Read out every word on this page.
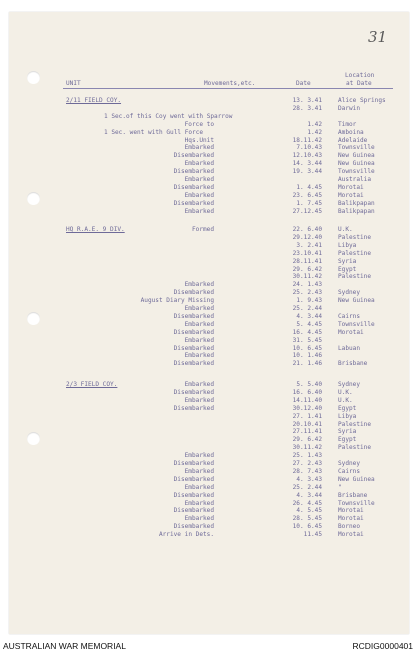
31
UNIT	Movements,etc.	Date
Location
at Date
2/11 FIELD COY.	13. 3.41	Alice Springs
28. 3.41	Darwin
1 Sec.of this Coy went with Sparrow
Force to	1.42	Timor
1 Sec. went with Gull Force	1.42	Amboina
Hqs.Unit	18.11.42	Adelaide
Embarked	7.10.43	Townsville
Disembarked	12.10.43	New Guinea
Embarked	14. 3.44	New Guinea
Disembarked	19. 3.44	Townsville
Embarked	Australia
Disembarked	1. 4.45	Morotai
Embarked	23. 6.45	Morotai
Disembarked	1. 7.45	Balikpapan
Embarked	27.12.45	Balikpapan
HQ R.A.E. 9 DIV.	Formed	22. 6.40	U.K.
29.12.40	Palestine
3. 2.41	Libya
23.10.41	Palestine
28.11.41	Syria
29. 6.42	Egypt
30.11.42	Palestine
Embarked	24. 1.43
Disembarked	25. 2.43	Sydney
August Diary Missing	1. 9.43	New Guinea
Embarked	25. 2.44
Disembarked	4. 3.44	Cairns
Embarked	5. 4.45	Townsville
Disembarked	16. 4.45	Morotai
Embarked	31. 5.45
Disembarked	10. 6.45	Labuan
Embarked	10. 1.46
Disembarked	21. 1.46	Brisbane
2/3 FIELD COY.	Embarked	5. 5.40	Sydney
Disembarked	16. 6.40	U.K.
Embarked	14.11.40	U.K.
Disembarked	30.12.40	Egypt
27. 1.41	Libya
20.10.41	Palestine
27.11.41	Syria
29. 6.42	Egypt
30.11.42	Palestine
Embarked	25. 1.43
Disembarked	27. 2.43	Sydney
Embarked	28. 7.43	Cairns
Disembarked	4. 3.43	New Guinea
Embarked	25. 2.44	"
Disembarked	4. 3.44	Brisbane
Embarked	26. 4.45	Townsville
Disembarked	4. 5.45	Morotai
Embarked	28. 5.45	Morotai
Disembarked	10. 6.45	Borneo
Arrive in Dets.	11.45	Morotai
AUSTRALIAN WAR MEMORIAL	RCDIG0000401
